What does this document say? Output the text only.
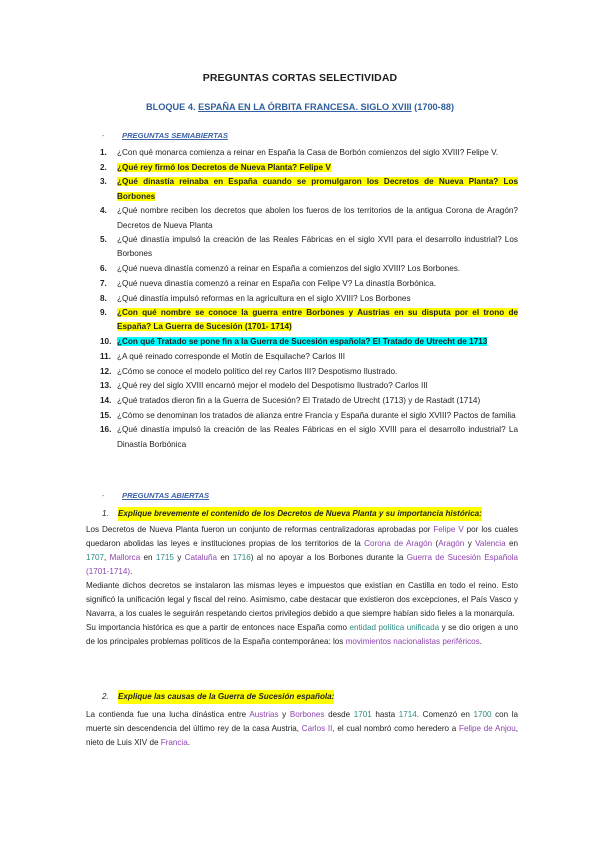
PREGUNTAS CORTAS SELECTIVIDAD
BLOQUE 4. ESPAÑA EN LA ÓRBITA FRANCESA. SIGLO XVIII (1700-88)
- PREGUNTAS SEMIABIERTAS
1.	¿Con qué monarca comienza a reinar en España la Casa de Borbón comienzos del siglo XVIII? Felipe V.
2.	¿Qué rey firmó los Decretos de Nueva Planta? Felipe V
3.	¿Qué dinastía reinaba en España cuando se promulgaron los Decretos de Nueva Planta? Los Borbones
4.	¿Qué nombre reciben los decretos que abolen los fueros de los territorios de la antigua Corona de Aragón? Decretos de Nueva Planta
5.	¿Qué dinastía impulsó la creación de las Reales Fábricas en el siglo XVII para el desarrollo industrial? Los Borbones
6.	¿Qué nueva dinastía comenzó a reinar en España a comienzos del siglo XVIII? Los Borbones.
7.	¿Qué nueva dinastía comenzó a reinar en España con Felipe V? La dinastía Borbónica.
8.	¿Qué dinastía impulsó reformas en la agricultura en el siglo XVIII? Los Borbones
9.	¿Con qué nombre se conoce la guerra entre Borbones y Austrias en su disputa por el trono de España? La Guerra de Sucesión (1701- 1714)
10. ¿Con qué Tratado se pone fin a la Guerra de Sucesión española? El Tratado de Utrecht de 1713
11. ¿A qué reinado corresponde el Motín de Esquilache? Carlos III
12. ¿Cómo se conoce el modelo político del rey Carlos III? Despotismo Ilustrado.
13. ¿Qué rey del siglo XVIII encarnó mejor el modelo del Despotismo Ilustrado? Carlos III
14. ¿Qué tratados dieron fin a la Guerra de Sucesión? El Tratado de Utrecht (1713) y de Rastadt (1714)
15. ¿Cómo se denominan los tratados de alianza entre Francia y España durante el siglo XVIII? Pactos de familia
16. ¿Qué dinastía impulsó la creación de las Reales Fábricas en el siglo XVIII para el desarrollo industrial? La Dinastía Borbónica
- PREGUNTAS ABIERTAS
1.	Explique brevemente el contenido de los Decretos de Nueva Planta y su importancia histórica:

Los Decretos de Nueva Planta fueron un conjunto de reformas centralizadoras aprobadas por Felipe V por los cuales quedaron abolidas las leyes e instituciones propias de los territorios de la Corona de Aragón (Aragón y Valencia en 1707, Mallorca en 1715 y Cataluña en 1716) al no apoyar a los Borbones durante la Guerra de Sucesión Española (1701-1714).

Mediante dichos decretos se instalaron las mismas leyes e impuestos que existían en Castilla en todo el reino. Esto significó la unificación legal y fiscal del reino. Asimismo, cabe destacar que existieron dos excepciones, el País Vasco y Navarra, a los cuales le seguirán respetando ciertos privilegios debido a que siempre habían sido fieles a la monarquía.

Su importancia histórica es que a partir de entonces nace España como entidad política unificada y se dio origen a uno de los principales problemas políticos de la España contemporánea: los movimientos nacionalistas periféricos.

2.	Explique las causas de la Guerra de Sucesión española:

La contienda fue una lucha dinástica entre Austrias y Borbones desde 1701 hasta 1714. Comenzó en 1700 con la muerte sin descendencia del último rey de la casa Austria, Carlos II, el cual nombró como heredero a Felipe de Anjou, nieto de Luis XIV de Francia.
